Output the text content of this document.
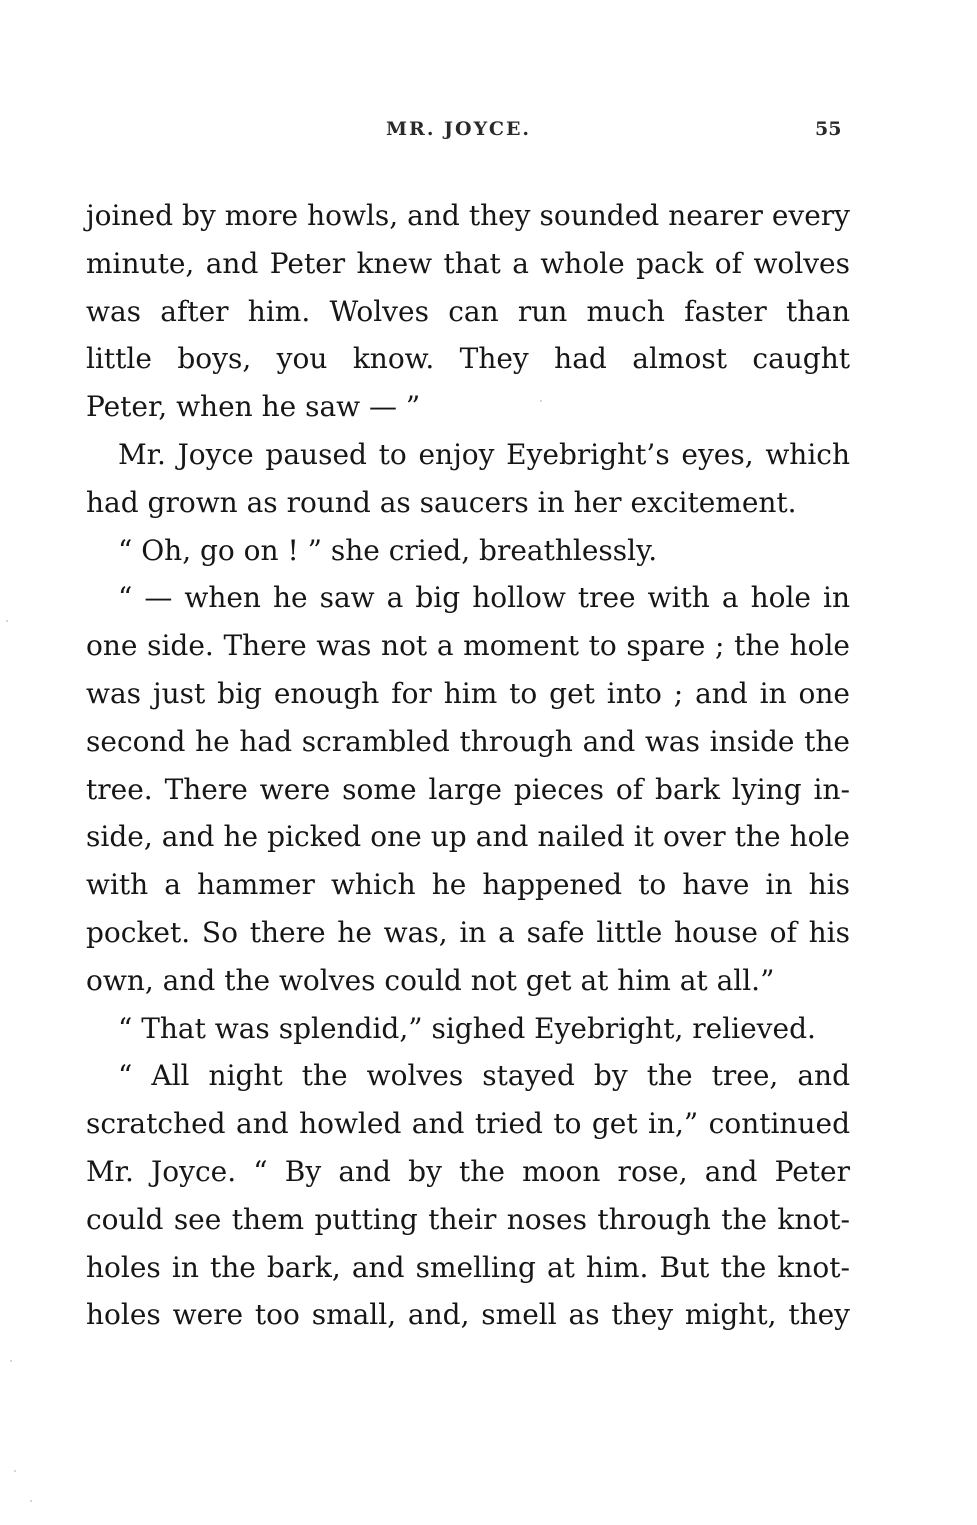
MR. JOYCE.	55
joined by more howls, and they sounded nearer every
minute, and Peter knew that a whole pack of wolves
was after him. Wolves can run much faster than
little boys, you know. They had almost caught
Peter, when he saw — ”
Mr. Joyce paused to enjoy Eyebright’s eyes, which
had grown as round as saucers in her excitement.
“ Oh, go on ! ” she cried, breathlessly.
“ — when he saw a big hollow tree with a hole in
one side. There was not a moment to spare ; the hole
was just big enough for him to get into ; and in one
second he had scrambled through and was inside the
tree. There were some large pieces of bark lying in-
side, and he picked one up and nailed it over the hole
with a hammer which he happened to have in his
pocket. So there he was, in a safe little house of his
own, and the wolves could not get at him at all.”
“ That was splendid,” sighed Eyebright, relieved.
“ All night the wolves stayed by the tree, and
scratched and howled and tried to get in,” continued
Mr. Joyce. “ By and by the moon rose, and Peter
could see them putting their noses through the knot-
holes in the bark, and smelling at him. But the knot-
holes were too small, and, smell as they might, they
